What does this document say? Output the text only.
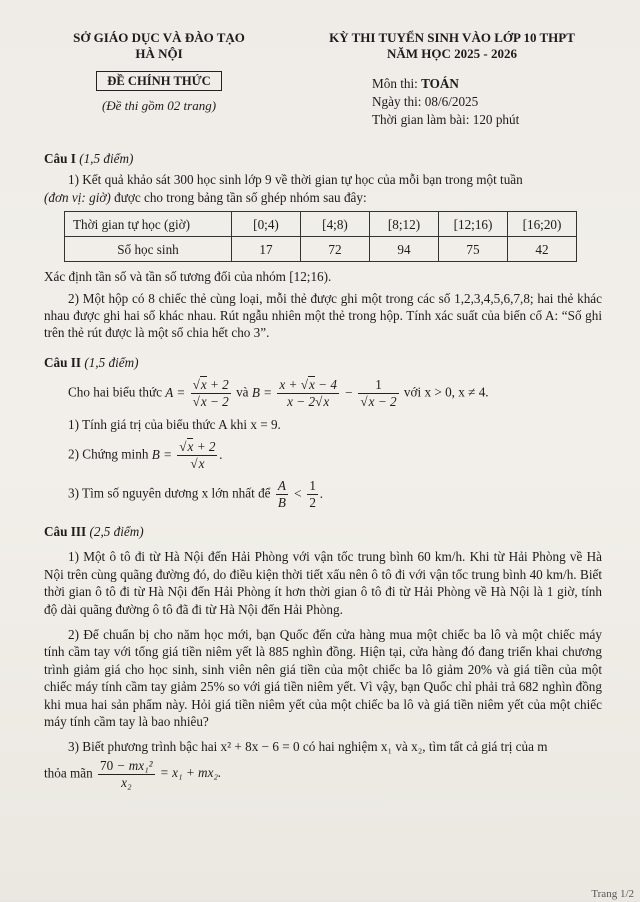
SỞ GIÁO DỤC VÀ ĐÀO TẠO
HÀ NỘI
ĐỀ CHÍNH THỨC
(Đề thi gồm 02 trang)
KỲ THI TUYỂN SINH VÀO LỚP 10 THPT
NĂM HỌC 2025 - 2026
Môn thi: TOÁN
Ngày thi: 08/6/2025
Thời gian làm bài: 120 phút
Câu I (1,5 điểm)

1) Kết quả khảo sát 300 học sinh lớp 9 về thời gian tự học của mỗi bạn trong một tuần

(đơn vị: giờ) được cho trong bảng tần số ghép nhóm sau đây:

Thời gian tự học (giờ)	[0;4)	[4;8)	[8;12)	[12;16)	[16;20)
Số học sinh	17	72	94	75	42

Xác định tần số và tần số tương đối của nhóm [12;16).

2) Một hộp có 8 chiếc thẻ cùng loại, mỗi thẻ được ghi một trong các số 1,2,3,4,5,6,7,8; hai thẻ khác nhau được ghi hai số khác nhau. Rút ngẫu nhiên một thẻ trong hộp. Tính xác suất của biến cố A: “Số ghi trên thẻ rút được là một số chia hết cho 3”.

Câu II (1,5 điểm)
Cho hai biểu thức $A = \frac{√x + 2}{√x - 2}$ và $B = \frac{x + √x - 4}{x - 2√x} - \frac{1}{√x - 2}$ với x > 0, x ≠ 4.

1) Tính giá trị của biểu thức A khi x = 9.

2) Chứng minh $B = \frac{√x + 2}{√x}$ .
3) Tìm số nguyên dương x lớn nhất để $\frac{A}{B} < \frac{1}{2}$ .
Câu III (2,5 điểm)

1) Một ô tô đi từ Hà Nội đến Hải Phòng với vận tốc trung bình 60 km/h. Khi từ Hải Phòng về Hà Nội trên cùng quãng đường đó, do điều kiện thời tiết xấu nên ô tô đi với vận tốc trung bình 40 km/h. Biết thời gian ô tô đi từ Hà Nội đến Hải Phòng ít hơn thời gian ô tô đi từ Hải Phòng về Hà Nội là 1 giờ, tính độ dài quãng đường ô tô đã đi từ Hà Nội đến Hải Phòng.

2) Để chuẩn bị cho năm học mới, bạn Quốc đến cửa hàng mua một chiếc ba lô và một chiếc máy tính cầm tay với tổng giá tiền niêm yết là 885 nghìn đồng. Hiện tại, cửa hàng đó đang triển khai chương trình giảm giá cho học sinh, sinh viên nên giá tiền của một chiếc ba lô giảm 20% và giá tiền của một chiếc máy tính cầm tay giảm 25% so với giá tiền niêm yết. Vì vậy, bạn Quốc chỉ phải trả 682 nghìn đồng khi mua hai sản phẩm này. Hỏi giá tiền niêm yết của một chiếc ba lô và giá tiền niêm yết của một chiếc máy tính cầm tay là bao nhiêu?

3) Biết phương trình bậc hai x² + 8x − 6 = 0 có hai nghiệm x₁ và x₂, tìm tất cả giá trị của m

thỏa mãn $\frac{\text{70 − mx₁²}}{\text{x₂}} = x_1 + mx_2$.
Trang 1/2
